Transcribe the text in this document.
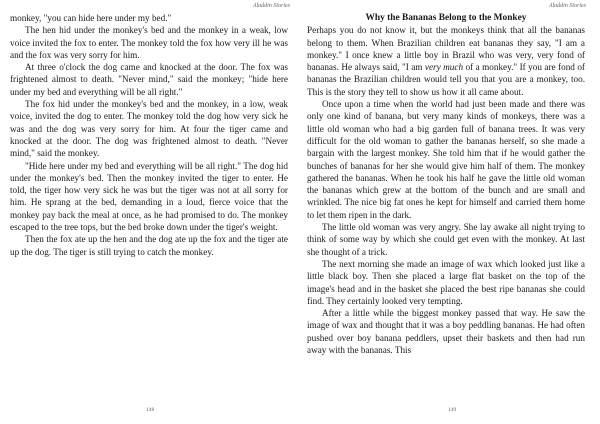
Aladdin Stories

monkey, "you can hide here under my bed."

The hen hid under the monkey's bed and the monkey in a weak, low voice invited the fox to enter. The monkey told the fox how very ill he was and the fox was very sorry for him.

At three o'clock the dog came and knocked at the door. The fox was frightened almost to death. "Never mind," said the monkey; "hide here under my bed and everything will be all right."

The fox hid under the monkey's bed and the monkey, in a low, weak voice, invited the dog to enter. The monkey told the dog how very sick he was and the dog was very sorry for him. At four the tiger came and knocked at the door. The dog was frightened almost to death. "Never mind," said the monkey.

"Hide here under my bed and everything will be all right." The dog hid under the monkey's bed. Then the monkey invited the tiger to enter. He told, the tiger how very sick he was but the tiger was not at all sorry for him. He sprang at the bed, demanding in a loud, fierce voice that the monkey pay back the meal at once, as he had promised to do. The monkey escaped to the tree tops, but the bed broke down under the tiger's weight.

Then the fox ate up the hen and the dog ate up the fox and the tiger ate up the dog. The tiger is still trying to catch the monkey.

148
Aladdin Stories
Why the Bananas Belong to the Monkey

Perhaps you do not know it, but the monkeys think that all the bananas belong to them. When Brazilian children eat bananas they say, "I am a monkey." I once knew a little boy in Brazil who was very, very fond of bananas. He always said, "I am very much of a monkey." If you are fond of bananas the Brazilian children would tell you that you are a monkey, too. This is the story they tell to show us how it all came about.

Once upon a time when the world had just been made and there was only one kind of banana, but very many kinds of monkeys, there was a little old woman who had a big garden full of banana trees. It was very difficult for the old woman to gather the bananas herself, so she made a bargain with the largest monkey. She told him that if he would gather the bunches of bananas for her she would give him half of them. The monkey gathered the bananas. When he took his half he gave the little old woman the bananas which grew at the bottom of the bunch and are small and wrinkled. The nice big fat ones he kept for himself and carried them home to let them ripen in the dark.

The little old woman was very angry. She lay awake all night trying to think of some way by which she could get even with the monkey. At last she thought of a trick.

The next morning she made an image of wax which looked just like a little black boy. Then she placed a large flat basket on the top of the image's head and in the basket she placed the best ripe bananas she could find. They certainly looked very tempting.

After a little while the biggest monkey passed that way. He saw the image of wax and thought that it was a boy peddling bananas. He had often pushed over boy banana peddlers, upset their baskets and then had run away with the bananas. This

149
